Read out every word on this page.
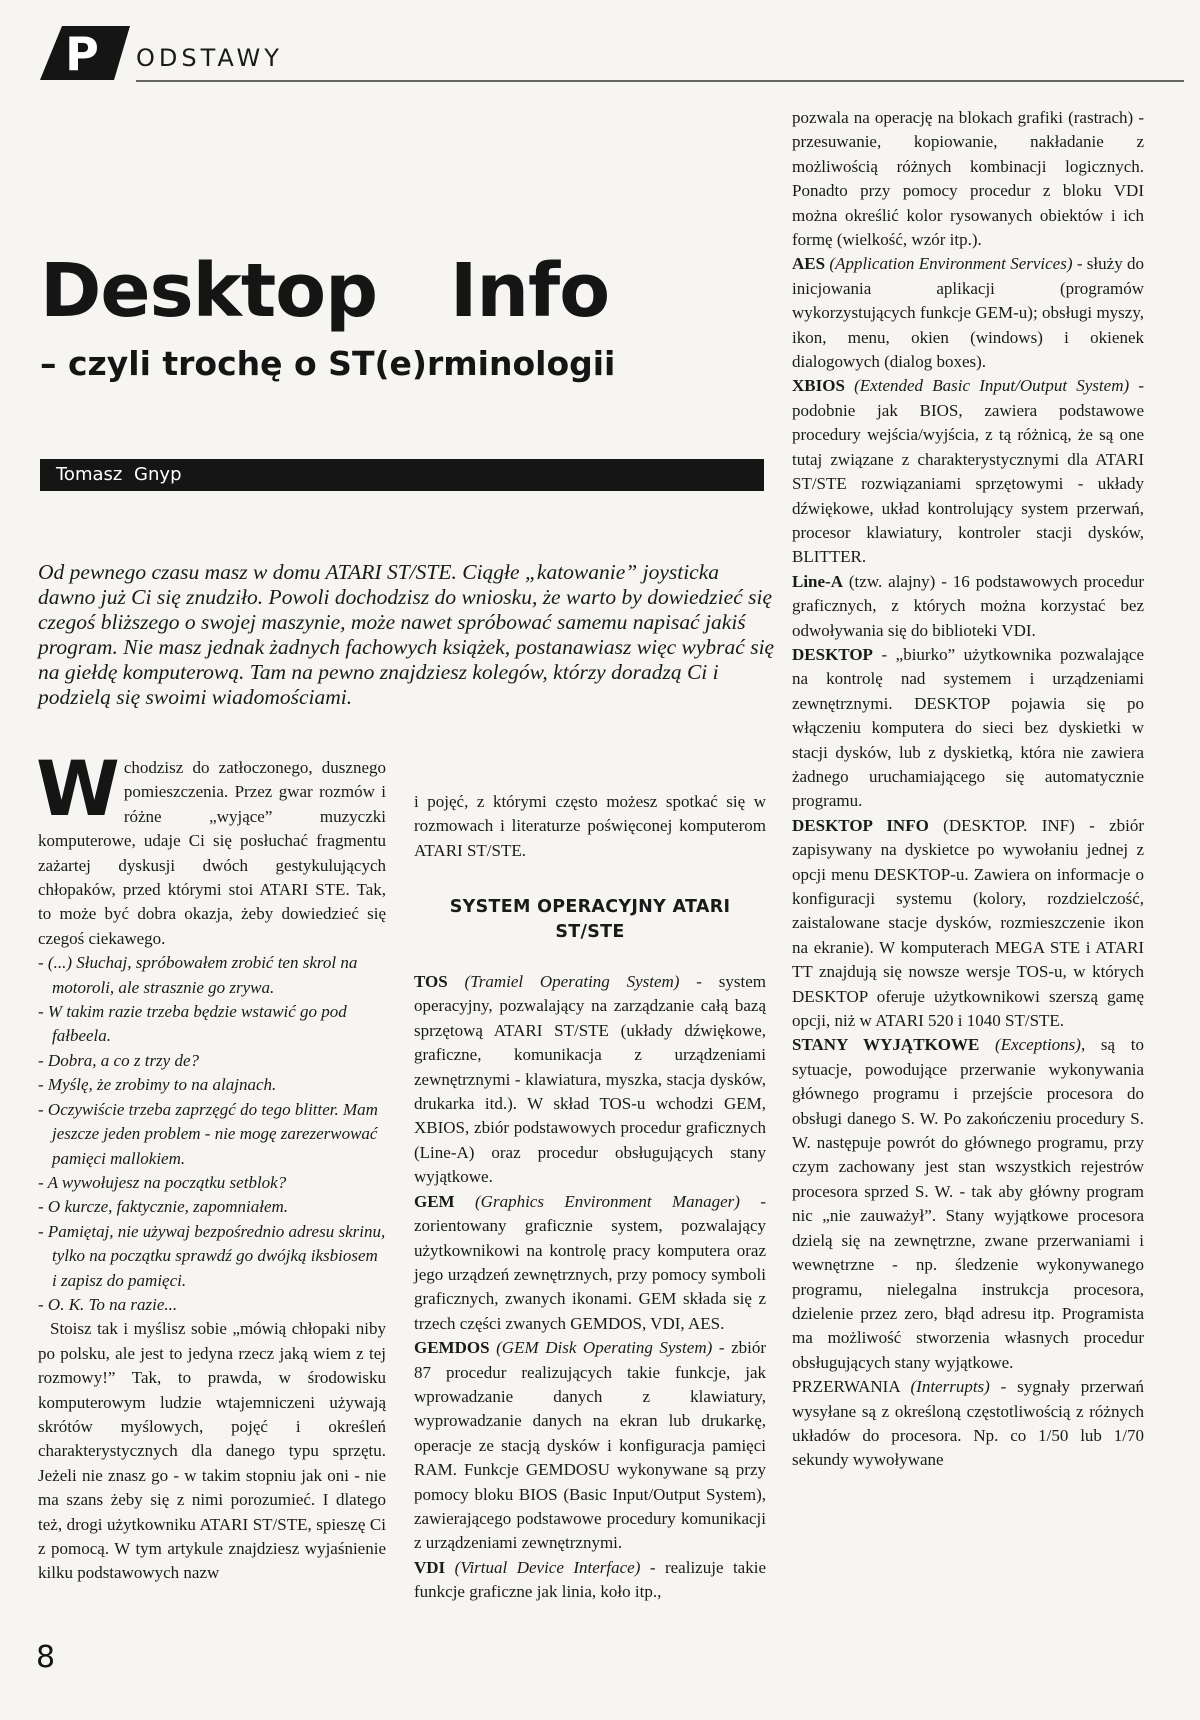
P ODSTAWY
Desktop Info
– czyli trochę o ST(e)rminologii
Tomasz Gnyp

Od pewnego czasu masz w domu ATARI ST/STE. Ciągłe „katowanie” joysticka dawno już Ci się znudziło. Powoli dochodzisz do wniosku, że warto by dowiedzieć się czegoś bliższego o swojej maszynie, może nawet spróbować samemu napisać jakiś program. Nie masz jednak żadnych fachowych książek, postanawiasz więc wybrać się na giełdę komputerową. Tam na pewno znajdziesz kolegów, którzy doradzą Ci i podzielą się swoimi wiadomościami.

Wchodzisz do zatłoczonego, dusznego pomieszczenia. Przez gwar rozmów i różne „wyjące” muzyczki komputerowe, udaje Ci się posłuchać fragmentu zażartej dyskusji dwóch gestykulujących chłopaków, przed którymi stoi ATARI STE. Tak, to może być dobra okazja, żeby dowiedzieć się czegoś ciekawego.

- (...) Słuchaj, spróbowałem zrobić ten skrol na motoroli, ale strasznie go zrywa.
- W takim razie trzeba będzie wstawić go pod fałbeela.
- Dobra, a co z trzy de?
- Myślę, że zrobimy to na alajnach.
- Oczywiście trzeba zaprzęgć do tego blitter. Mam jeszcze jeden problem - nie mogę zarezerwować pamięci mallokiem.
- A wywołujesz na początku setblok?
- O kurcze, faktycznie, zapomniałem.
- Pamiętaj, nie używaj bezpośrednio adresu skrinu, tylko na początku sprawdź go dwójką iksbiosem i zapisz do pamięci.
- O. K. To na razie...

Stoisz tak i myślisz sobie „mówią chłopaki niby po polsku, ale jest to jedyna rzecz jaką wiem z tej rozmowy!” Tak, to prawda, w środowisku komputerowym ludzie wtajemniczeni używają skrótów myślowych, pojęć i określeń charakterystycznych dla danego typu sprzętu. Jeżeli nie znasz go - w takim stopniu jak oni - nie ma szans żeby się z nimi porozumieć. I dlatego też, drogi użytkowniku ATARI ST/STE, spieszę Ci z pomocą. W tym artykule znajdziesz wyjaśnienie kilku podstawowych nazw

i pojęć, z którymi często możesz spotkać się w rozmowach i literaturze poświęconej komputerom ATARI ST/STE.

SYSTEM OPERACYJNY ATARI ST/STE

TOS (Tramiel Operating System) - system operacyjny, pozwalający na zarządzanie całą bazą sprzętową ATARI ST/STE (układy dźwiękowe, graficzne, komunikacja z urządzeniami zewnętrznymi - klawiatura, myszka, stacja dysków, drukarka itd.). W skład TOS-u wchodzi GEM, XBIOS, zbiór podstawowych procedur graficznych (Line-A) oraz procedur obsługujących stany wyjątkowe.

GEM (Graphics Environment Manager) - zorientowany graficznie system, pozwalający użytkownikowi na kontrolę pracy komputera oraz jego urządzeń zewnętrznych, przy pomocy symboli graficznych, zwanych ikonami. GEM składa się z trzech części zwanych GEMDOS, VDI, AES.

GEMDOS (GEM Disk Operating System) - zbiór 87 procedur realizujących takie funkcje, jak wprowadzanie danych z klawiatury, wyprowadzanie danych na ekran lub drukarkę, operacje ze stacją dysków i konfiguracja pamięci RAM. Funkcje GEMDOSU wykonywane są przy pomocy bloku BIOS (Basic Input/Output System), zawierającego podstawowe procedury komunikacji z urządzeniami zewnętrznymi.

VDI (Virtual Device Interface) - realizuje takie funkcje graficzne jak linia, koło itp.,

pozwala na operację na blokach grafiki (rastrach) - przesuwanie, kopiowanie, nakładanie z możliwością różnych kombinacji logicznych. Ponadto przy pomocy procedur z bloku VDI można określić kolor rysowanych obiektów i ich formę (wielkość, wzór itp.).

AES (Application Environment Services) - służy do inicjowania aplikacji (programów wykorzystujących funkcje GEM-u); obsługi myszy, ikon, menu, okien (windows) i okienek dialogowych (dialog boxes).

XBIOS (Extended Basic Input/Output System) - podobnie jak BIOS, zawiera podstawowe procedury wejścia/wyjścia, z tą różnicą, że są one tutaj związane z charakterystycznymi dla ATARI ST/STE rozwiązaniami sprzętowymi - układy dźwiękowe, układ kontrolujący system przerwań, procesor klawiatury, kontroler stacji dysków, BLITTER.

Line-A (tzw. alajny) - 16 podstawowych procedur graficznych, z których można korzystać bez odwoływania się do biblioteki VDI.

DESKTOP - „biurko” użytkownika pozwalające na kontrolę nad systemem i urządzeniami zewnętrznymi. DESKTOP pojawia się po włączeniu komputera do sieci bez dyskietki w stacji dysków, lub z dyskietką, która nie zawiera żadnego uruchamiającego się automatycznie programu.

DESKTOP INFO (DESKTOP. INF) - zbiór zapisywany na dyskietce po wywołaniu jednej z opcji menu DESKTOP-u. Zawiera on informacje o konfiguracji systemu (kolory, rozdzielczość, zaistalowane stacje dysków, rozmieszczenie ikon na ekranie). W komputerach MEGA STE i ATARI TT znajdują się nowsze wersje TOS-u, w których DESKTOP oferuje użytkownikowi szerszą gamę opcji, niż w ATARI 520 i 1040 ST/STE.

STANY WYJĄTKOWE (Exceptions), są to sytuacje, powodujące przerwanie wykonywania głównego programu i przejście procesora do obsługi danego S. W. Po zakończeniu procedury S. W. następuje powrót do głównego programu, przy czym zachowany jest stan wszystkich rejestrów procesora sprzed S. W. - tak aby główny program nic „nie zauważył”. Stany wyjątkowe procesora dzielą się na zewnętrzne, zwane przerwaniami i wewnętrzne - np. śledzenie wykonywanego programu, nielegalna instrukcja procesora, dzielenie przez zero, błąd adresu itp. Programista ma możliwość stworzenia własnych procedur obsługujących stany wyjątkowe.

PRZERWANIA (Interrupts) - sygnały przerwań wysyłane są z określoną częstotliwością z różnych układów do procesora. Np. co 1/50 lub 1/70 sekundy wywoływane

8
